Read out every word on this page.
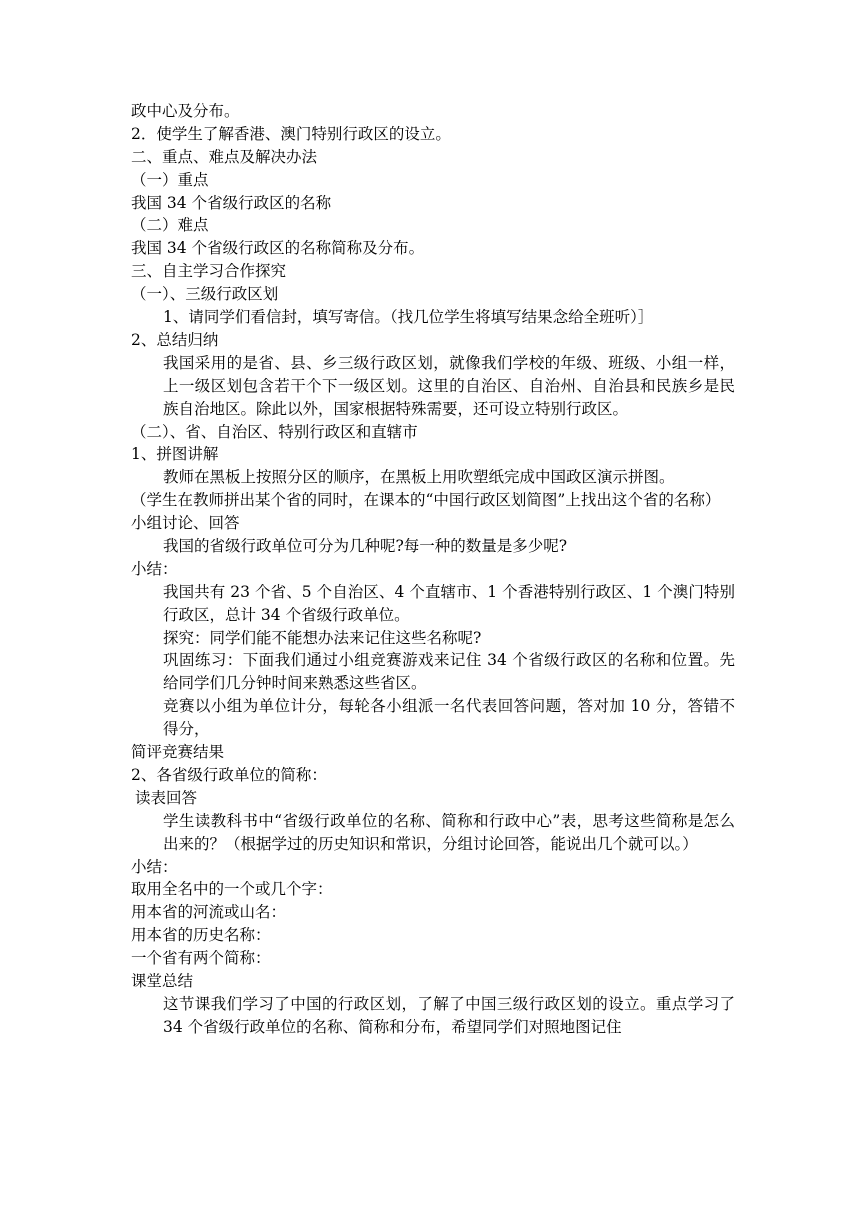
政中心及分布。

2．使学生了解香港、澳门特别行政区的设立。

二、重点、难点及解决办法

（一）重点

我国 34 个省级行政区的名称

（二）难点

我国 34 个省级行政区的名称简称及分布。

三、自主学习合作探究

（一）、三级行政区划

1、请同学们看信封，填写寄信。（找几位学生将填写结果念给全班听）］

2、总结归纳

我国采用的是省、县、乡三级行政区划，就像我们学校的年级、班级、小组一样，上一级区划包含若干个下一级区划。这里的自治区、自治州、自治县和民族乡是民族自治地区。除此以外，国家根据特殊需要，还可设立特别行政区。

（二）、省、自治区、特别行政区和直辖市

1、拼图讲解

教师在黑板上按照分区的顺序，在黑板上用吹塑纸完成中国政区演示拼图。

（学生在教师拼出某个省的同时，在课本的“中国行政区划简图”上找出这个省的名称）

小组讨论、回答

我国的省级行政单位可分为几种呢?每一种的数量是多少呢?

小结：

我国共有 23 个省、5 个自治区、4 个直辖市、1 个香港特别行政区、1 个澳门特别行政区，总计 34 个省级行政单位。

探究：同学们能不能想办法来记住这些名称呢?

巩固练习：下面我们通过小组竞赛游戏来记住 34 个省级行政区的名称和位置。先给同学们几分钟时间来熟悉这些省区。

竞赛以小组为单位计分，每轮各小组派一名代表回答问题，答对加 10 分，答错不得分，

简评竞赛结果

2、各省级行政单位的简称：

读表回答

学生读教科书中“省级行政单位的名称、简称和行政中心”表，思考这些简称是怎么出来的？（根据学过的历史知识和常识，分组讨论回答，能说出几个就可以。）

小结：

取用全名中的一个或几个字：

用本省的河流或山名：

用本省的历史名称：

一个省有两个简称：

课堂总结

这节课我们学习了中国的行政区划，了解了中国三级行政区划的设立。重点学习了 34 个省级行政单位的名称、简称和分布，希望同学们对照地图记住
